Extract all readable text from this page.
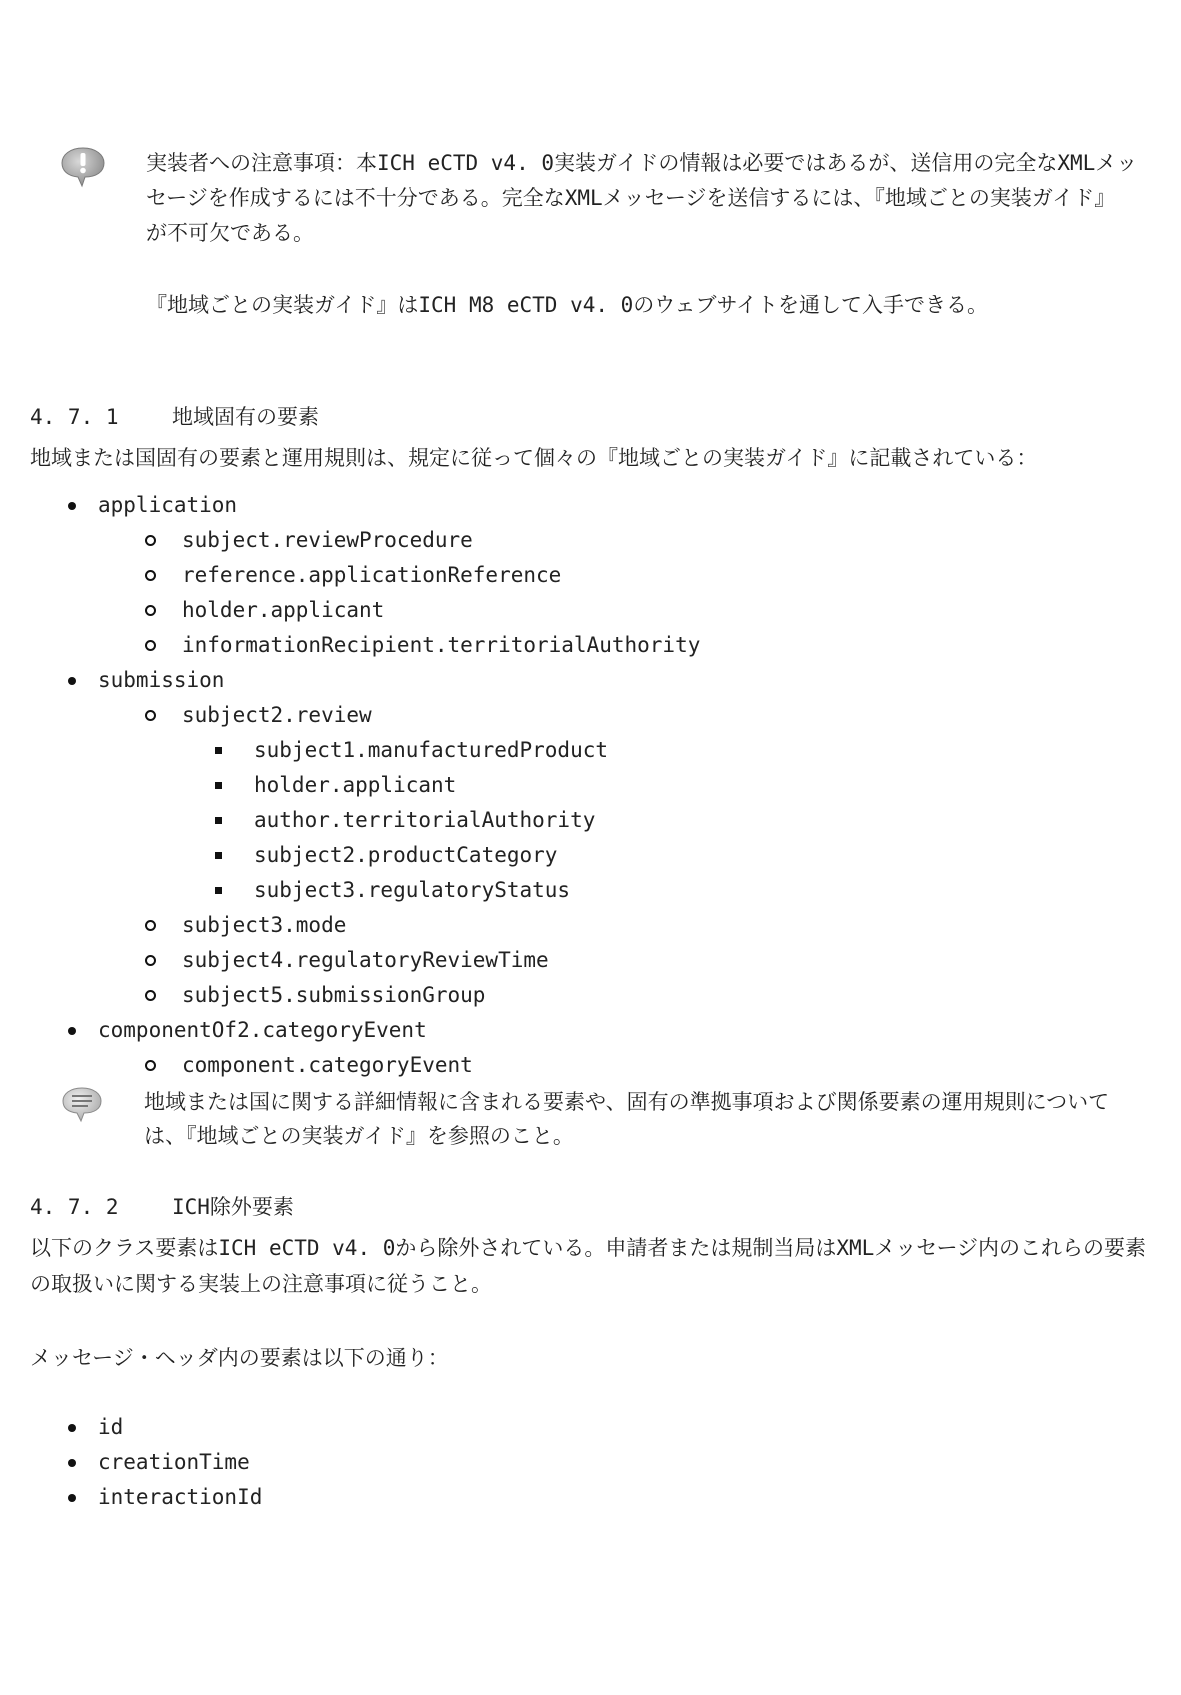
実装者への注意事項：本ICH eCTD v4. 0実装ガイドの情報は必要ではあるが、送信用の完全なXMLメッ
セージを作成するには不十分である。完全なXMLメッセージを送信するには、『地域ごとの実装ガイド』
が不可欠である。
『地域ごとの実装ガイド』はICH M8 eCTD v4. 0のウェブサイトを通して入手できる。
4. 7. 1	地域固有の要素
地域または国固有の要素と運用規則は、規定に従って個々の『地域ごとの実装ガイド』に記載されている：
application
subject.reviewProcedure
reference.applicationReference
holder.applicant
informationRecipient.territorialAuthority
submission
subject2.review
subject1.manufacturedProduct
holder.applicant
author.territorialAuthority
subject2.productCategory
subject3.regulatoryStatus
subject3.mode
subject4.regulatoryReviewTime
subject5.submissionGroup
componentOf2.categoryEvent
component.categoryEvent
地域または国に関する詳細情報に含まれる要素や、固有の準拠事項および関係要素の運用規則について
は、『地域ごとの実装ガイド』を参照のこと。
4. 7. 2	ICH除外要素
以下のクラス要素はICH eCTD v4. 0から除外されている。申請者または規制当局はXMLメッセージ内のこれらの要素
の取扱いに関する実装上の注意事項に従うこと。
メッセージ・ヘッダ内の要素は以下の通り：
id
creationTime
interactionId
